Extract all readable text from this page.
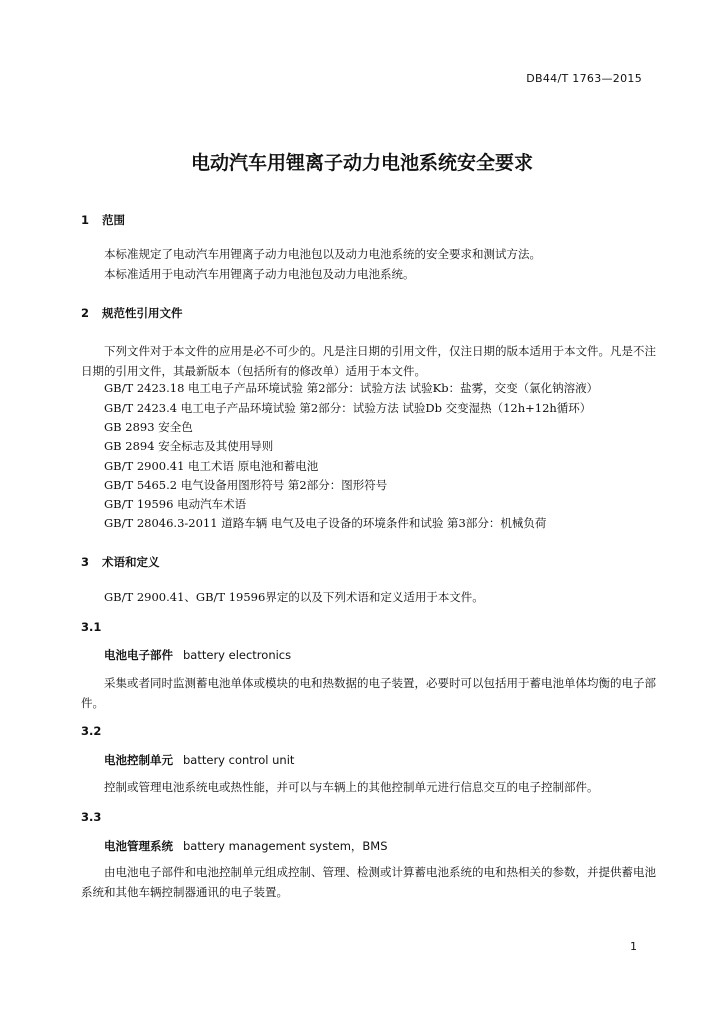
DB44/T 1763—2015
电动汽车用锂离子动力电池系统安全要求
1 范围
本标准规定了电动汽车用锂离子动力电池包以及动力电池系统的安全要求和测试方法。
本标准适用于电动汽车用锂离子动力电池包及动力电池系统。
2 规范性引用文件
下列文件对于本文件的应用是必不可少的。凡是注日期的引用文件，仅注日期的版本适用于本文件。凡是不注日期的引用文件，其最新版本（包括所有的修改单）适用于本文件。
GB/T 2423.18 电工电子产品环境试验 第2部分：试验方法 试验Kb：盐雾，交变（氯化钠溶液）
GB/T 2423.4 电工电子产品环境试验 第2部分：试验方法 试验Db 交变湿热（12h+12h循环）
GB 2893 安全色
GB 2894 安全标志及其使用导则
GB/T 2900.41 电工术语 原电池和蓄电池
GB/T 5465.2 电气设备用图形符号 第2部分：图形符号
GB/T 19596 电动汽车术语
GB/T 28046.3-2011 道路车辆 电气及电子设备的环境条件和试验 第3部分：机械负荷
3 术语和定义
GB/T 2900.41、GB/T 19596界定的以及下列术语和定义适用于本文件。
3.1
电池电子部件 battery electronics
采集或者同时监测蓄电池单体或模块的电和热数据的电子装置，必要时可以包括用于蓄电池单体均衡的电子部件。
3.2
电池控制单元 battery control unit
控制或管理电池系统电或热性能，并可以与车辆上的其他控制单元进行信息交互的电子控制部件。
3.3
电池管理系统 battery management system，BMS
由电池电子部件和电池控制单元组成控制、管理、检测或计算蓄电池系统的电和热相关的参数，并提供蓄电池系统和其他车辆控制器通讯的电子装置。
1
